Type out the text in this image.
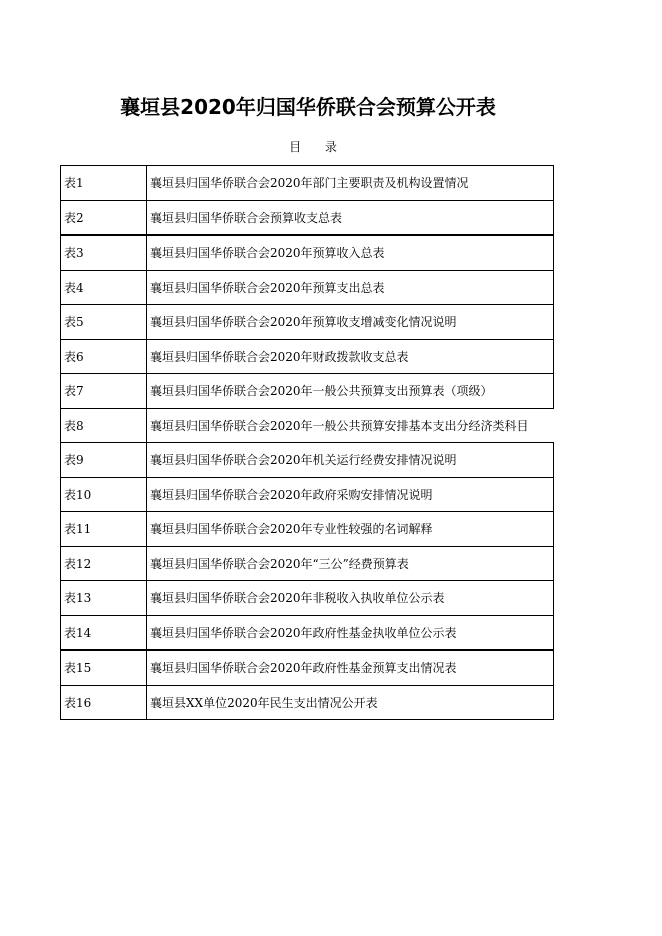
襄垣县2020年归国华侨联合会预算公开表
目 录
表1	襄垣县归国华侨联合会2020年部门主要职责及机构设置情况
表2	襄垣县归国华侨联合会预算收支总表
表3	襄垣县归国华侨联合会2020年预算收入总表
表4	襄垣县归国华侨联合会2020年预算支出总表
表5	襄垣县归国华侨联合会2020年预算收支增减变化情况说明
表6	襄垣县归国华侨联合会2020年财政拨款收支总表
表7	襄垣县归国华侨联合会2020年一般公共预算支出预算表（项级）
表8	襄垣县归国华侨联合会2020年一般公共预算安排基本支出分经济类科目
表9	襄垣县归国华侨联合会2020年机关运行经费安排情况说明
表10	襄垣县归国华侨联合会2020年政府采购安排情况说明
表11	襄垣县归国华侨联合会2020年专业性较强的名词解释
表12	襄垣县归国华侨联合会2020年“三公”经费预算表
表13	襄垣县归国华侨联合会2020年非税收入执收单位公示表
表14	襄垣县归国华侨联合会2020年政府性基金执收单位公示表
表15	襄垣县归国华侨联合会2020年政府性基金预算支出情况表
表16	襄垣县XX单位2020年民生支出情况公开表
